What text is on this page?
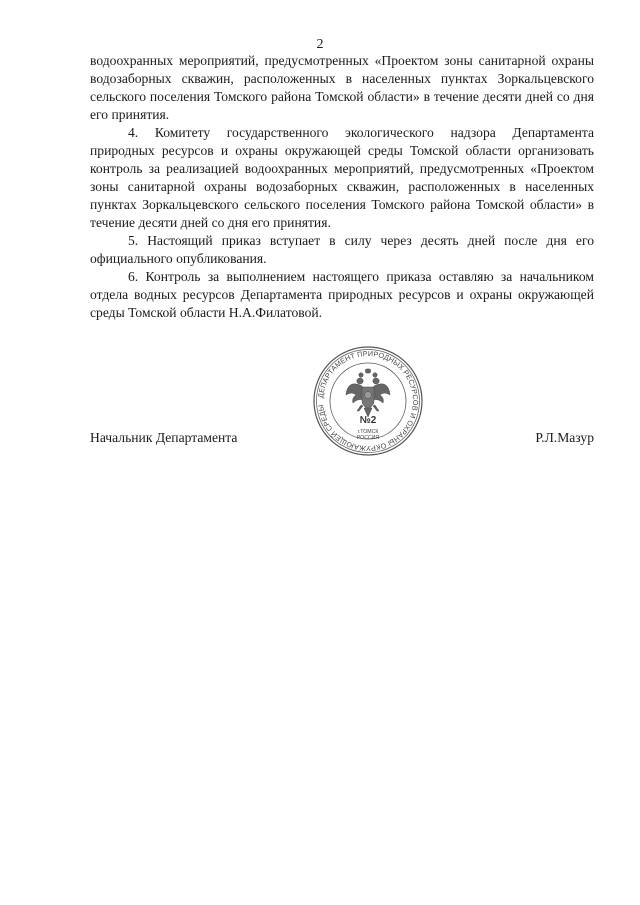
2

водоохранных мероприятий, предусмотренных «Проектом зоны санитарной охраны водозаборных скважин, расположенных в населенных пунктах Зоркальцевского сельского поселения Томского района Томской области» в течение десяти дней со дня его принятия.

4. Комитету государственного экологического надзора Департамента природных ресурсов и охраны окружающей среды Томской области организовать контроль за реализацией водоохранных мероприятий, предусмотренных «Проектом зоны санитарной охраны водозаборных скважин, расположенных в населенных пунктах Зоркальцевского сельского поселения Томского района Томской области» в течение десяти дней со дня его принятия.

5. Настоящий приказ вступает в силу через десять дней после дня его официального опубликования.

6. Контроль за выполнением настоящего приказа оставляю за начальником отдела водных ресурсов Департамента природных ресурсов и охраны окружающей среды Томской области Н.А.Филатовой.

ДЕПАРТАМЕНТ ПРИРОДНЫХ РЕСУРСОВ И ОХРАНЫ ОКРУЖАЮЩЕЙ СРЕДЫ
№2
г.ТОМСК
РОССИЯ
Начальник Департамента	Р.Л.Мазур
